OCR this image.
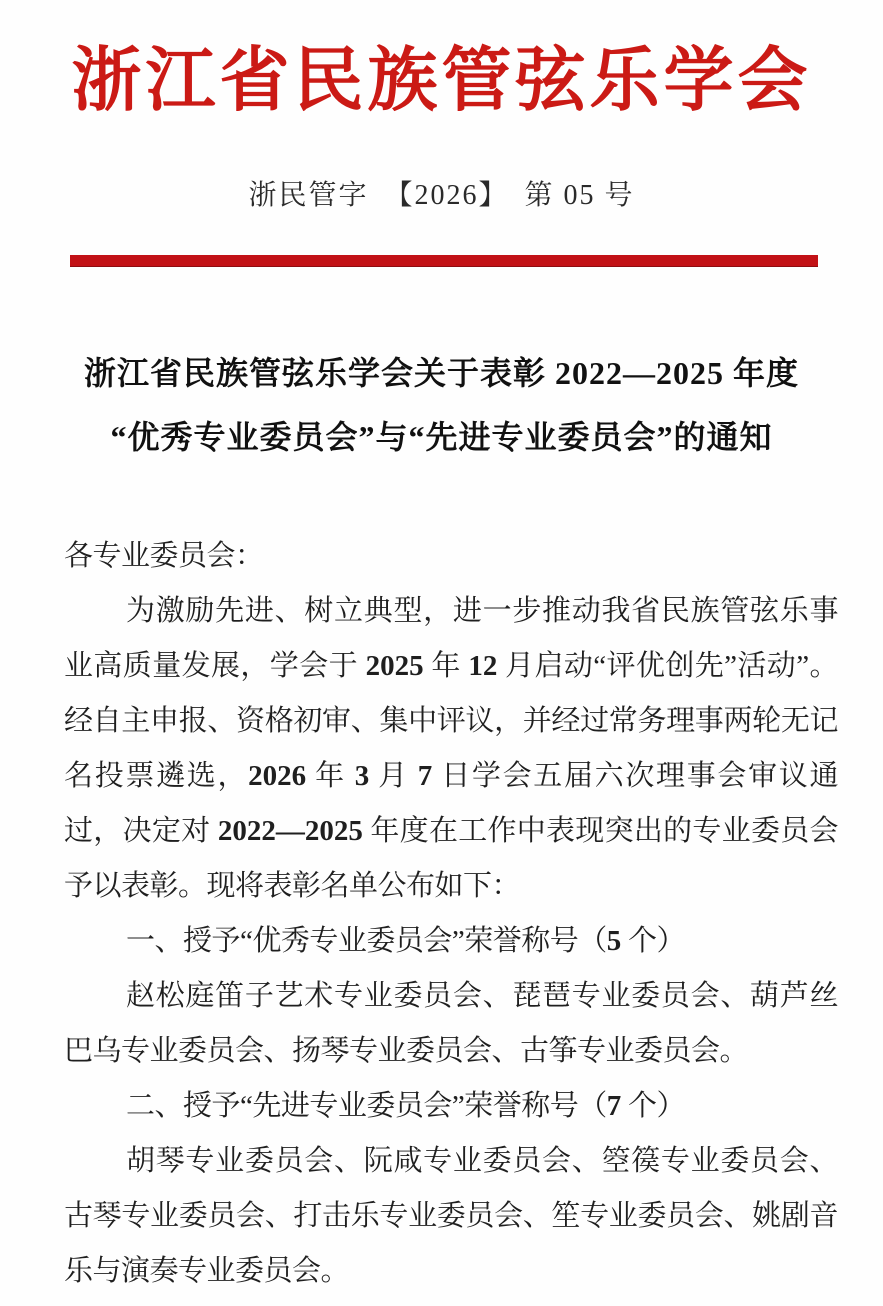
浙江省民族管弦乐学会
浙民管字　【2026】　第 05 号
浙江省民族管弦乐学会关于表彰 2022—2025 年度
“优秀专业委员会”与“先进专业委员会”的通知

各专业委员会：

为激励先进、树立典型，进一步推动我省民族管弦乐事业高质量发展，学会于 2025 年 12 月启动“评优创先”活动”。经自主申报、资格初审、集中评议，并经过常务理事两轮无记名投票遴选，2026 年 3 月 7 日学会五届六次理事会审议通过，决定对 2022—2025 年度在工作中表现突出的专业委员会予以表彰。现将表彰名单公布如下：

一、授予“优秀专业委员会”荣誉称号（5 个）

赵松庭笛子艺术专业委员会、琵琶专业委员会、葫芦丝巴乌专业委员会、扬琴专业委员会、古筝专业委员会。

二、授予“先进专业委员会”荣誉称号（7 个）

胡琴专业委员会、阮咸专业委员会、箜篌专业委员会、古琴专业委员会、打击乐专业委员会、笙专业委员会、姚剧音乐与演奏专业委员会。
